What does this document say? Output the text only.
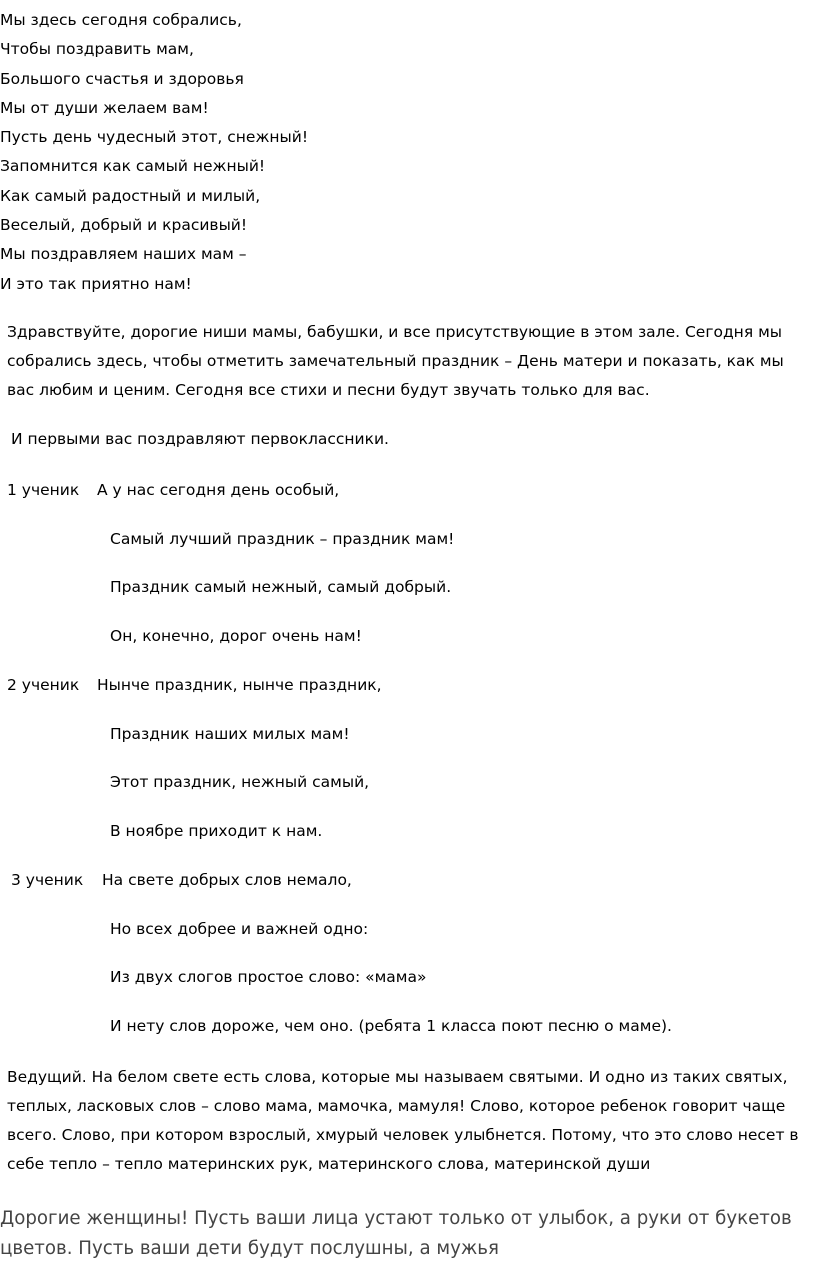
Мы здесь сегодня собрались,
Чтобы поздравить мам,
Большого счастья и здоровья
Мы от души желаем вам!
Пусть день чудесный этот, снежный!
Запомнится как самый нежный!
Как самый радостный и милый,
Веселый, добрый и красивый!
Мы поздравляем наших мам –
И это так приятно нам!
Здравствуйте, дорогие ниши мамы, бабушки, и все присутствующие в этом зале. Сегодня мы собрались здесь, чтобы отметить замечательный праздник – День матери и показать, как мы вас любим и ценим. Сегодня все стихи и песни будут звучать только для вас.
И первыми вас поздравляют первоклассники.
1 ученик А у нас сегодня день особый,
Самый лучший праздник – праздник мам!
Праздник самый нежный, самый добрый.
Он, конечно, дорог очень нам!
2 ученик Нынче праздник, нынче праздник,
Праздник наших милых мам!
Этот праздник, нежный самый,
В ноябре приходит к нам.
3 ученик На свете добрых слов немало,
Но всех добрее и важней одно:
Из двух слогов простое слово: «мама»
И нету слов дороже, чем оно. (ребята 1 класса поют песню о маме).
Ведущий. На белом свете есть слова, которые мы называем святыми. И одно из таких святых, теплых, ласковых слов – слово мама, мамочка, мамуля! Слово, которое ребенок говорит чаще всего. Слово, при котором взрослый, хмурый человек улыбнется. Потому, что это слово несет в себе тепло – тепло материнских рук, материнского слова, материнской души
Дорогие женщины! Пусть ваши лица устают только от улыбок, а руки от букетов цветов. Пусть ваши дети будут послушны, а мужья
